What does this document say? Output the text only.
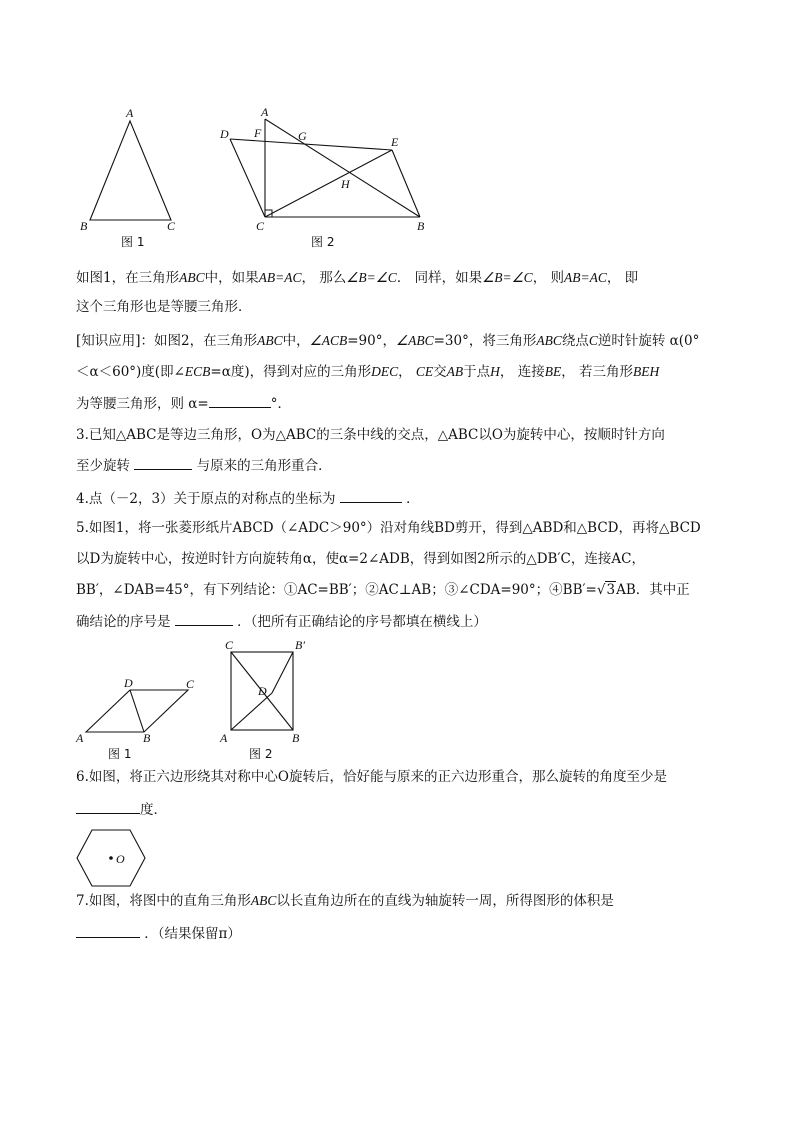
A
B	C
图 1
A
D F	G	E
H
C	B
图 2
如图1，在三角形ABC中，如果AB=AC， 那么∠B=∠C． 同样，如果∠B=∠C， 则AB=AC， 即
这个三角形也是等腰三角形．
[知识应用]：如图2，在三角形ABC中，∠ACB=90°，∠ABC=30°，将三角形ABC绕点C逆时针旋转 α(0°
＜α＜60°)度(即∠ECB=α度)，得到对应的三角形DEC， CE交AB于点H， 连接BE， 若三角形BEH
为等腰三角形，则 α=	°．
3.已知△ABC是等边三角形，O为△ABC的三条中线的交点，△ABC以O为旋转中心，按顺时针方向
至少旋转	与原来的三角形重合．
4.点（－2，3）关于原点的对称点的坐标为	．
5.如图1，将一张菱形纸片ABCD（∠ADC＞90°）沿对角线BD剪开，得到△ABD和△BCD，再将△BCD
以D为旋转中心，按逆时针方向旋转角α，使α=2∠ADB，得到如图2所示的△DB′C，连接AC，
BB′，∠DAB=45°，有下列结论：①AC=BB′；②AC⊥AB；③∠CDA=90°；④BB′=√3AB．其中正
确结论的序号是	．（把所有正确结论的序号都填在横线上）
D	C
A	B
图 1
C	B′
D
A	B
图 2
6.如图，将正六边形绕其对称中心O旋转后，恰好能与原来的正六边形重合，那么旋转的角度至少是
度．
O
7.如图，将图中的直角三角形ABC以长直角边所在的直线为轴旋转一周，所得图形的体积是
．（结果保留π）
